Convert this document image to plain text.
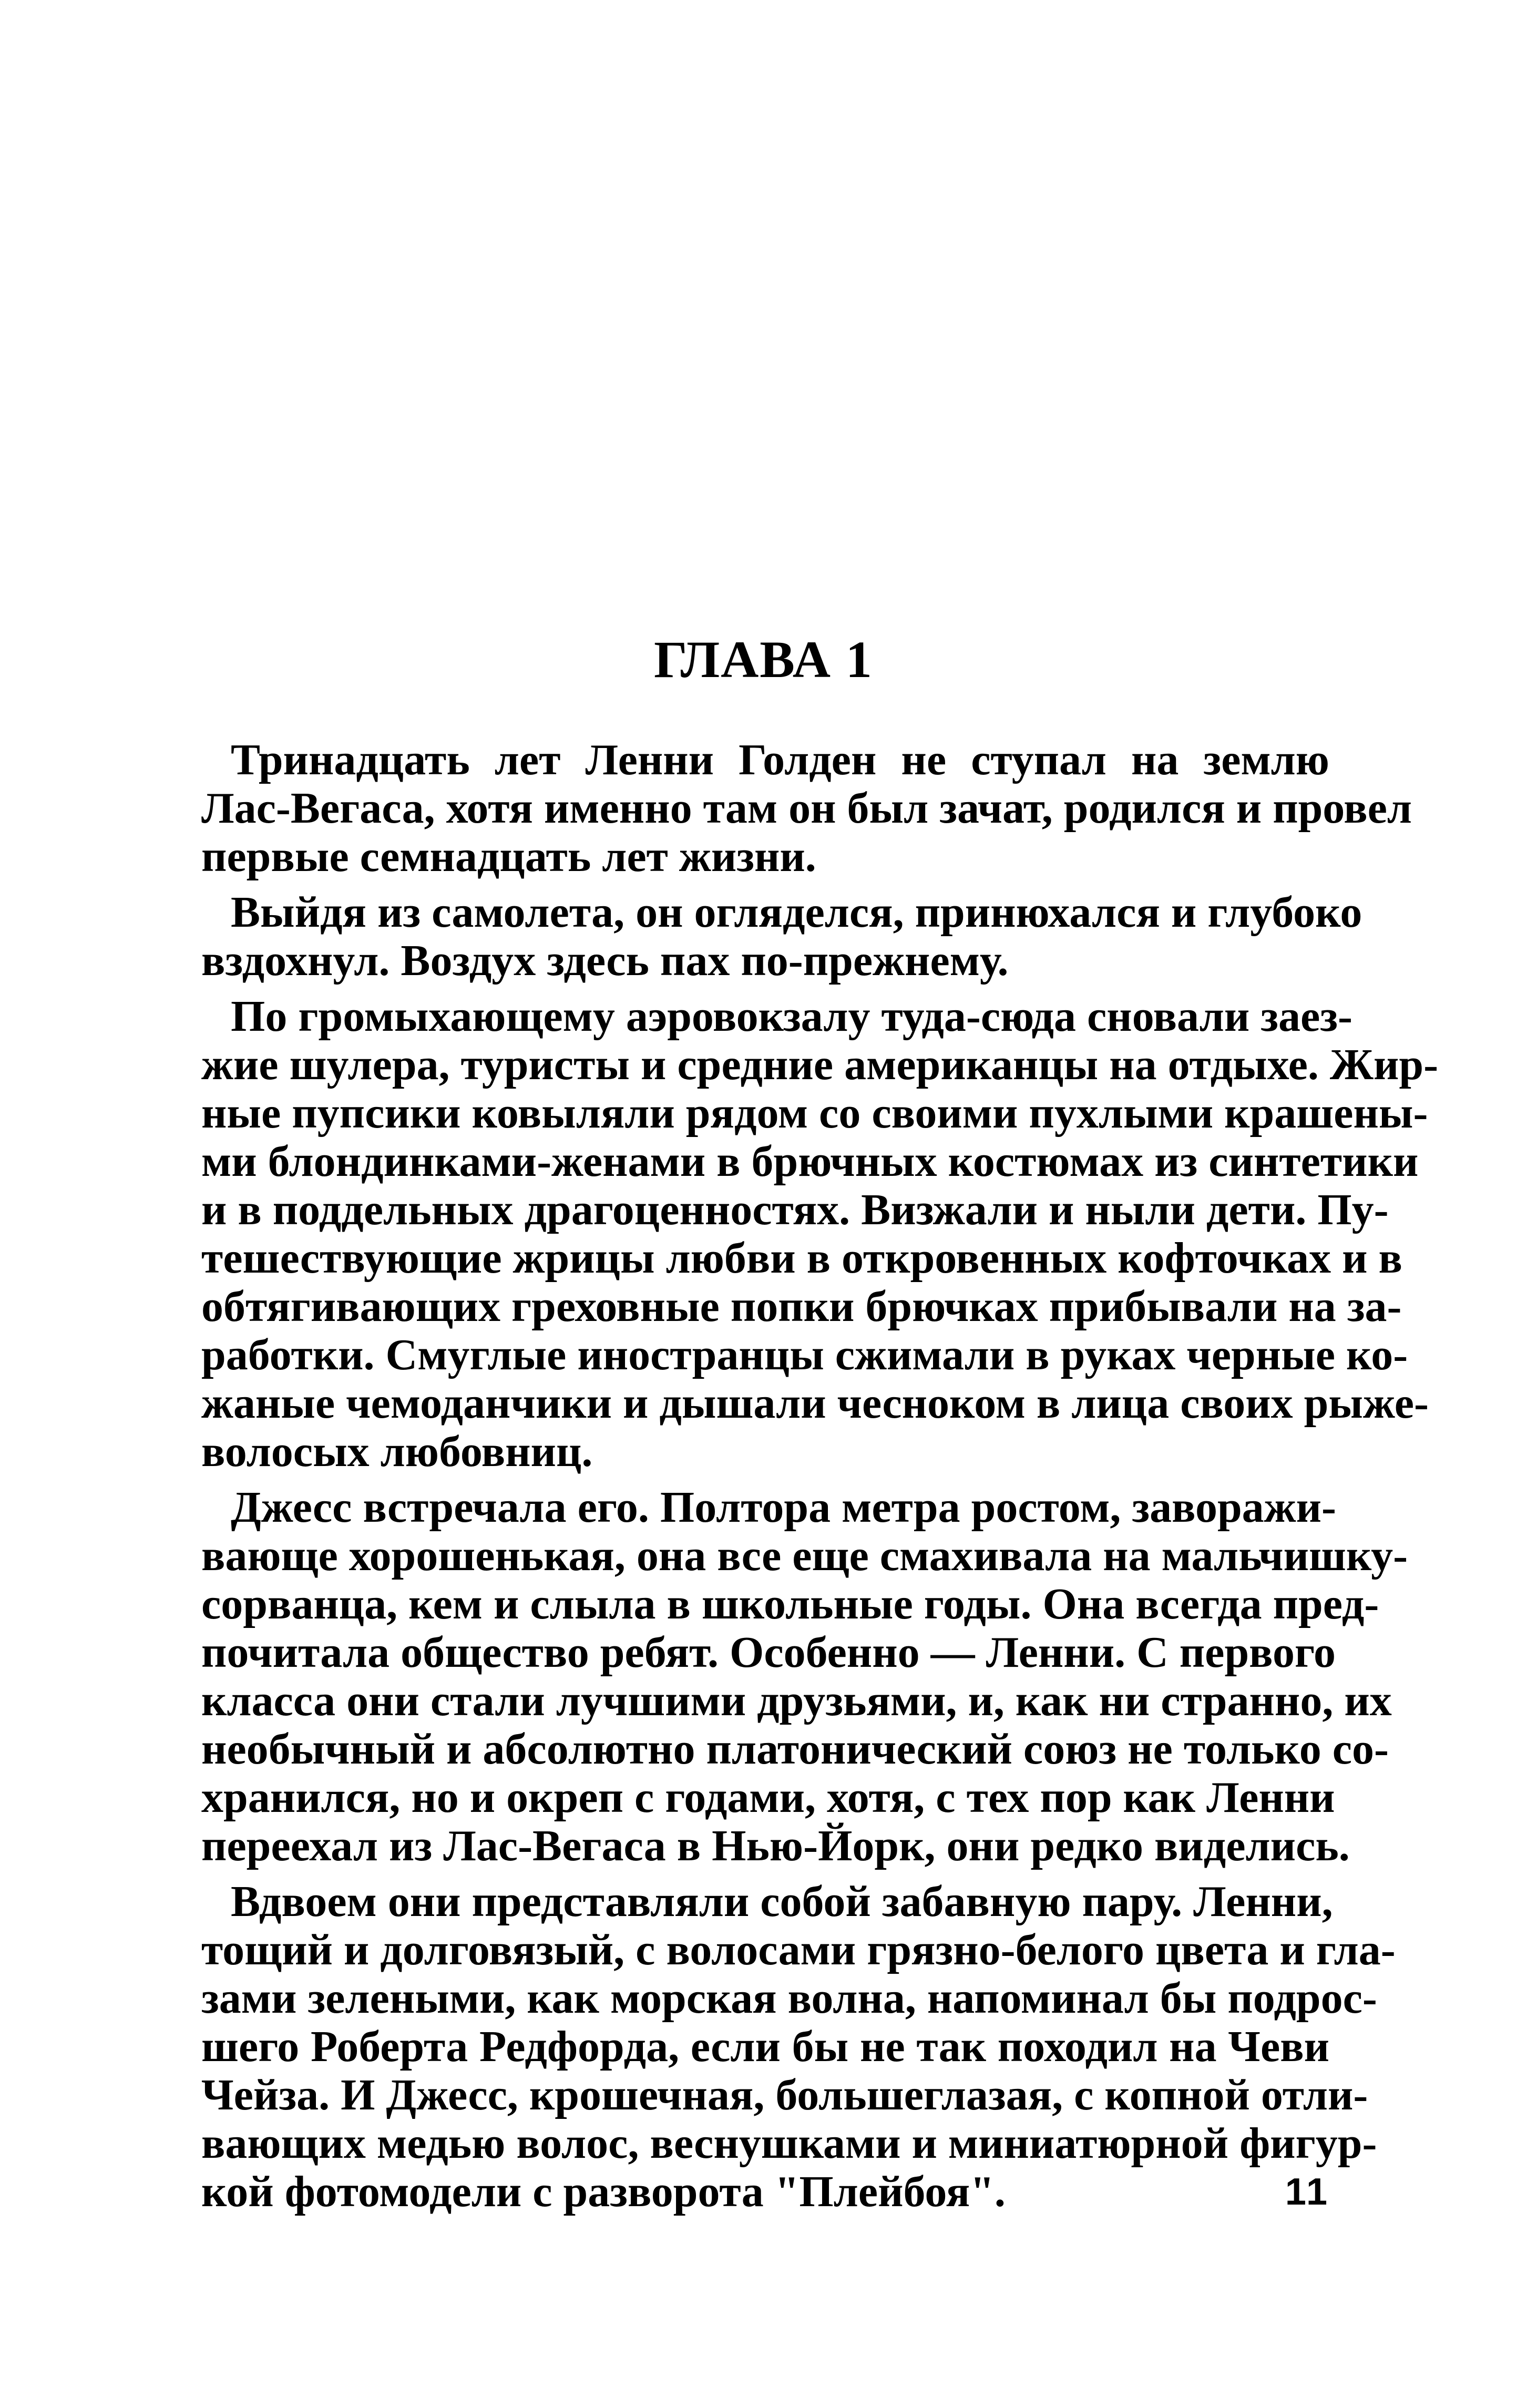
ГЛАВА 1
Тринадцать лет Ленни Голден не ступал на землю
Лас-Вегаса, хотя именно там он был зачат, родился и провел
первые семнадцать лет жизни.
Выйдя из самолета, он огляделся, принюхался и глубоко
вздохнул. Воздух здесь пах по-прежнему.
По громыхающему аэровокзалу туда-сюда сновали заез-
жие шулера, туристы и средние американцы на отдыхе. Жир-
ные пупсики ковыляли рядом со своими пухлыми крашены-
ми блондинками-женами в брючных костюмах из синтетики
и в поддельных драгоценностях. Визжали и ныли дети. Пу-
тешествующие жрицы любви в откровенных кофточках и в
обтягивающих греховные попки брючках прибывали на за-
работки. Смуглые иностранцы сжимали в руках черные ко-
жаные чемоданчики и дышали чесноком в лица своих рыже-
волосых любовниц.
Джесс встречала его. Полтора метра ростом, заворажи-
вающе хорошенькая, она все еще смахивала на мальчишку-
сорванца, кем и слыла в школьные годы. Она всегда пред-
почитала общество ребят. Особенно — Ленни. С первого
класса они стали лучшими друзьями, и, как ни странно, их
необычный и абсолютно платонический союз не только со-
хранился, но и окреп с годами, хотя, с тех пор как Ленни
переехал из Лас-Вегаса в Нью-Йорк, они редко виделись.
Вдвоем они представляли собой забавную пару. Ленни,
тощий и долговязый, с волосами грязно-белого цвета и гла-
зами зелеными, как морская волна, напоминал бы подрос-
шего Роберта Редфорда, если бы не так походил на Чеви
Чейза. И Джесс, крошечная, большеглазая, с копной отли-
вающих медью волос, веснушками и миниатюрной фигур-
кой фотомодели с разворота "Плейбоя".	11
